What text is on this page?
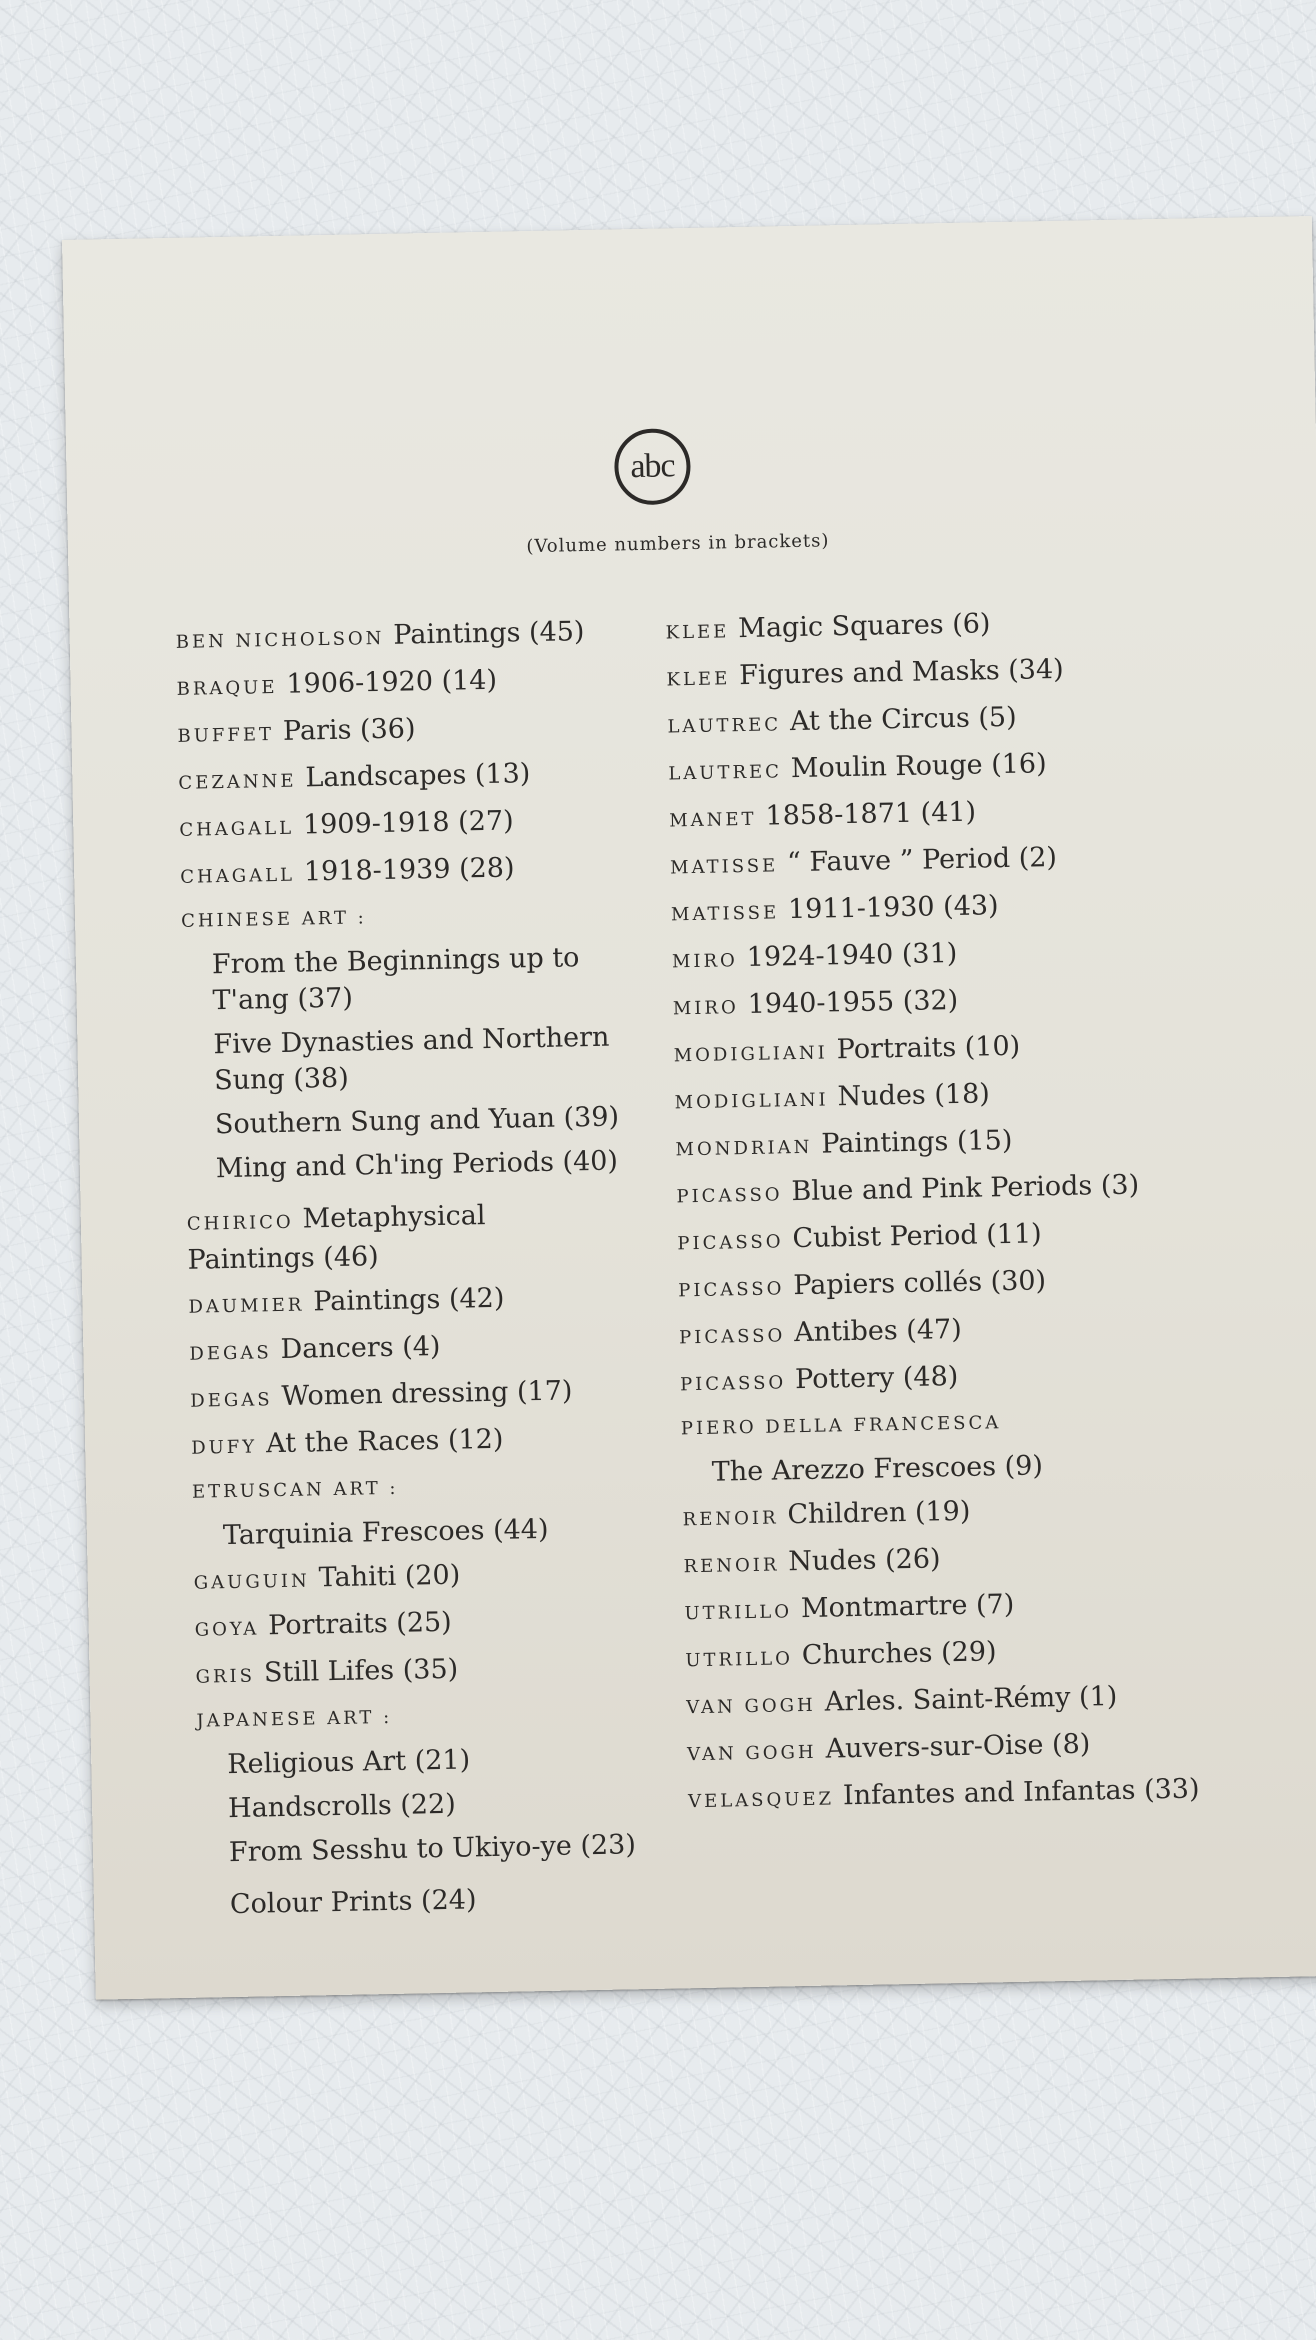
abc
(Volume numbers in brackets)
BEN NICHOLSON Paintings (45)
BRAQUE 1906-1920 (14)
BUFFET Paris (36)
CEZANNE Landscapes (13)
CHAGALL 1909-1918 (27)
CHAGALL 1918-1939 (28)
CHINESE ART :
From the Beginnings up to T'ang (37)
Five Dynasties and Northern Sung (38)
Southern Sung and Yuan (39)
Ming and Ch'ing Periods (40)
CHIRICO Metaphysical Paintings (46)
DAUMIER Paintings (42)
DEGAS Dancers (4)
DEGAS Women dressing (17)
DUFY At the Races (12)
ETRUSCAN ART :
Tarquinia Frescoes (44)
GAUGUIN Tahiti (20)
GOYA Portraits (25)
GRIS Still Lifes (35)
JAPANESE ART :
Religious Art (21)
Handscrolls (22)
From Sesshu to Ukiyo-ye (23)
Colour Prints (24)
KLEE Magic Squares (6)
KLEE Figures and Masks (34)
LAUTREC At the Circus (5)
LAUTREC Moulin Rouge (16)
MANET 1858-1871 (41)
MATISSE “ Fauve ” Period (2)
MATISSE 1911-1930 (43)
MIRO 1924-1940 (31)
MIRO 1940-1955 (32)
MODIGLIANI Portraits (10)
MODIGLIANI Nudes (18)
MONDRIAN Paintings (15)
PICASSO Blue and Pink Periods (3)
PICASSO Cubist Period (11)
PICASSO Papiers collés (30)
PICASSO Antibes (47)
PICASSO Pottery (48)
PIERO DELLA FRANCESCA
The Arezzo Frescoes (9)
RENOIR Children (19)
RENOIR Nudes (26)
UTRILLO Montmartre (7)
UTRILLO Churches (29)
VAN GOGH Arles. Saint-Rémy (1)
VAN GOGH Auvers-sur-Oise (8)
VELASQUEZ Infantes and Infantas (33)
